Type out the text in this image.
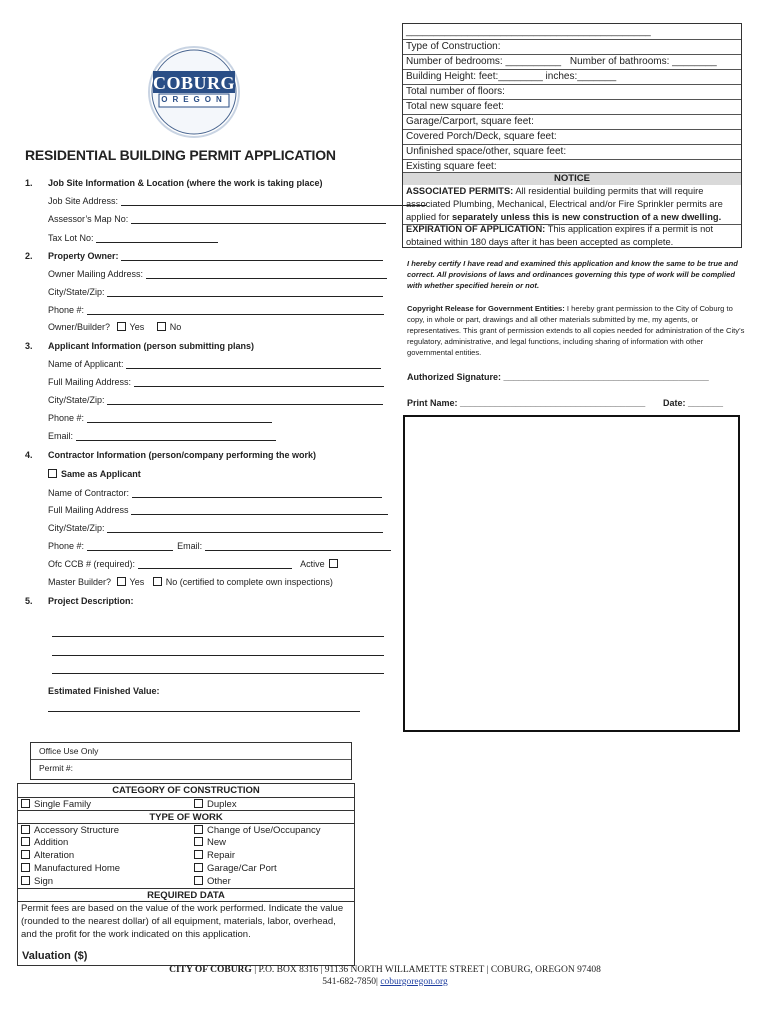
COBURG
OREGON
RESIDENTIAL BUILDING PERMIT APPLICATION
1. Job Site Information & Location (where the work is taking place)
Job Site Address:
Assessor’s Map No:
Tax Lot No:
2. Property Owner:
Owner Mailing Address:
City/State/Zip:
Phone #:
Owner/Builder? Yes	No
3. Applicant Information (person submitting plans)
Name of Applicant:
Full Mailing Address:
City/State/Zip:
Phone #:
Email:
4. Contractor Information (person/company performing the work)
Same as Applicant
Name of Contractor:
Full Mailing Address
City/State/Zip:
Phone #:	Email:
Ofc CCB # (required):	Active
Master Builder? Yes No (certified to complete own inspections)
5. Project Description:
Estimated Finished Value:
Office Use Only
Permit #:
CATEGORY OF CONSTRUCTION
Single Family	Duplex
TYPE OF WORK
Accessory Structure	Change of Use/Occupancy
Addition	New
Alteration	Repair
Manufactured Home	Garage/Car Port
Sign	Other
REQUIRED DATA
Permit fees are based on the value of the work performed. Indicate the value (rounded to the nearest dollar) of all equipment, materials, labor, overhead, and the profit for the work indicated on this application.
Valuation ($)
____________________________________________
Type of Construction:
Number of bedrooms: __________ Number of bathrooms: ________
Building Height: feet:________ inches:_______
Total number of floors:
Total new square feet:
Garage/Carport, square feet:
Covered Porch/Deck, square feet:
Unfinished space/other, square feet:
Existing square feet:
NOTICE
ASSOCIATED PERMITS: All residential building permits that will require
associated Plumbing, Mechanical, Electrical and/or Fire Sprinkler permits are
applied for separately unless this is new construction of a new dwelling.
EXPIRATION OF APPLICATION: This application expires if a permit is not
obtained within 180 days after it has been accepted as complete.
I hereby certify I have read and examined this application and know the same to be true and correct. All provisions of laws and ordinances governing this type of work will be complied with whether specified herein or not.
Copyright Release for Government Entities: I hereby grant permission to the City of Coburg to copy, in whole or part, drawings and all other materials submitted by me, my agents, or representatives. This grant of permission extends to all copies needed for administration of the City’s regulatory, administrative, and legal functions, including sharing of information with other governmental entities.
Authorized Signature: _________________________________________
Print Name: _____________________________________ Date: _______
CITY OF COBURG | P.O. BOX 8316 | 91136 NORTH WILLAMETTE STREET | COBURG, OREGON 97408
541-682-7850| coburgoregon.org
